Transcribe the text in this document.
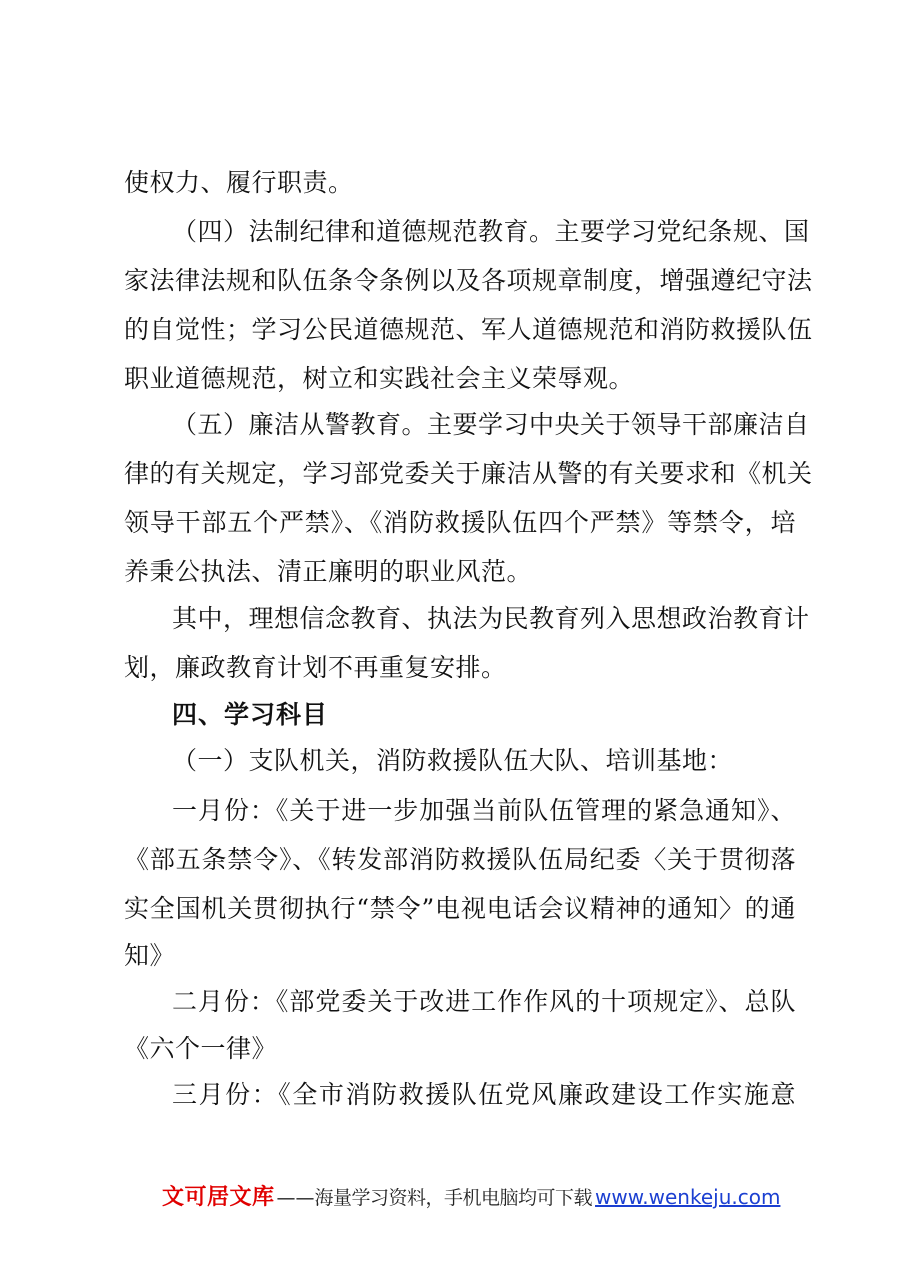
使权力、履行职责。
（四）法制纪律和道德规范教育。主要学习党纪条规、国
家法律法规和队伍条令条例以及各项规章制度，增强遵纪守法
的自觉性；学习公民道德规范、军人道德规范和消防救援队伍
职业道德规范，树立和实践社会主义荣辱观。
（五）廉洁从警教育。主要学习中央关于领导干部廉洁自
律的有关规定，学习部党委关于廉洁从警的有关要求和《机关
领导干部五个严禁》、《消防救援队伍四个严禁》等禁令，培
养秉公执法、清正廉明的职业风范。
其中，理想信念教育、执法为民教育列入思想政治教育计
划，廉政教育计划不再重复安排。
四、学习科目
（一）支队机关，消防救援队伍大队、培训基地：
一月份：《关于进一步加强当前队伍管理的紧急通知》、
《部五条禁令》、《转发部消防救援队伍局纪委〈关于贯彻落
实全国机关贯彻执行“禁令”电视电话会议精神的通知〉的通
知》
二月份：《部党委关于改进工作作风的十项规定》、总队
《六个一律》
三月份：《全市消防救援队伍党风廉政建设工作实施意
文可居文库 —— 海量学习资料，手机电脑均可下载 www.wenkeju.com
